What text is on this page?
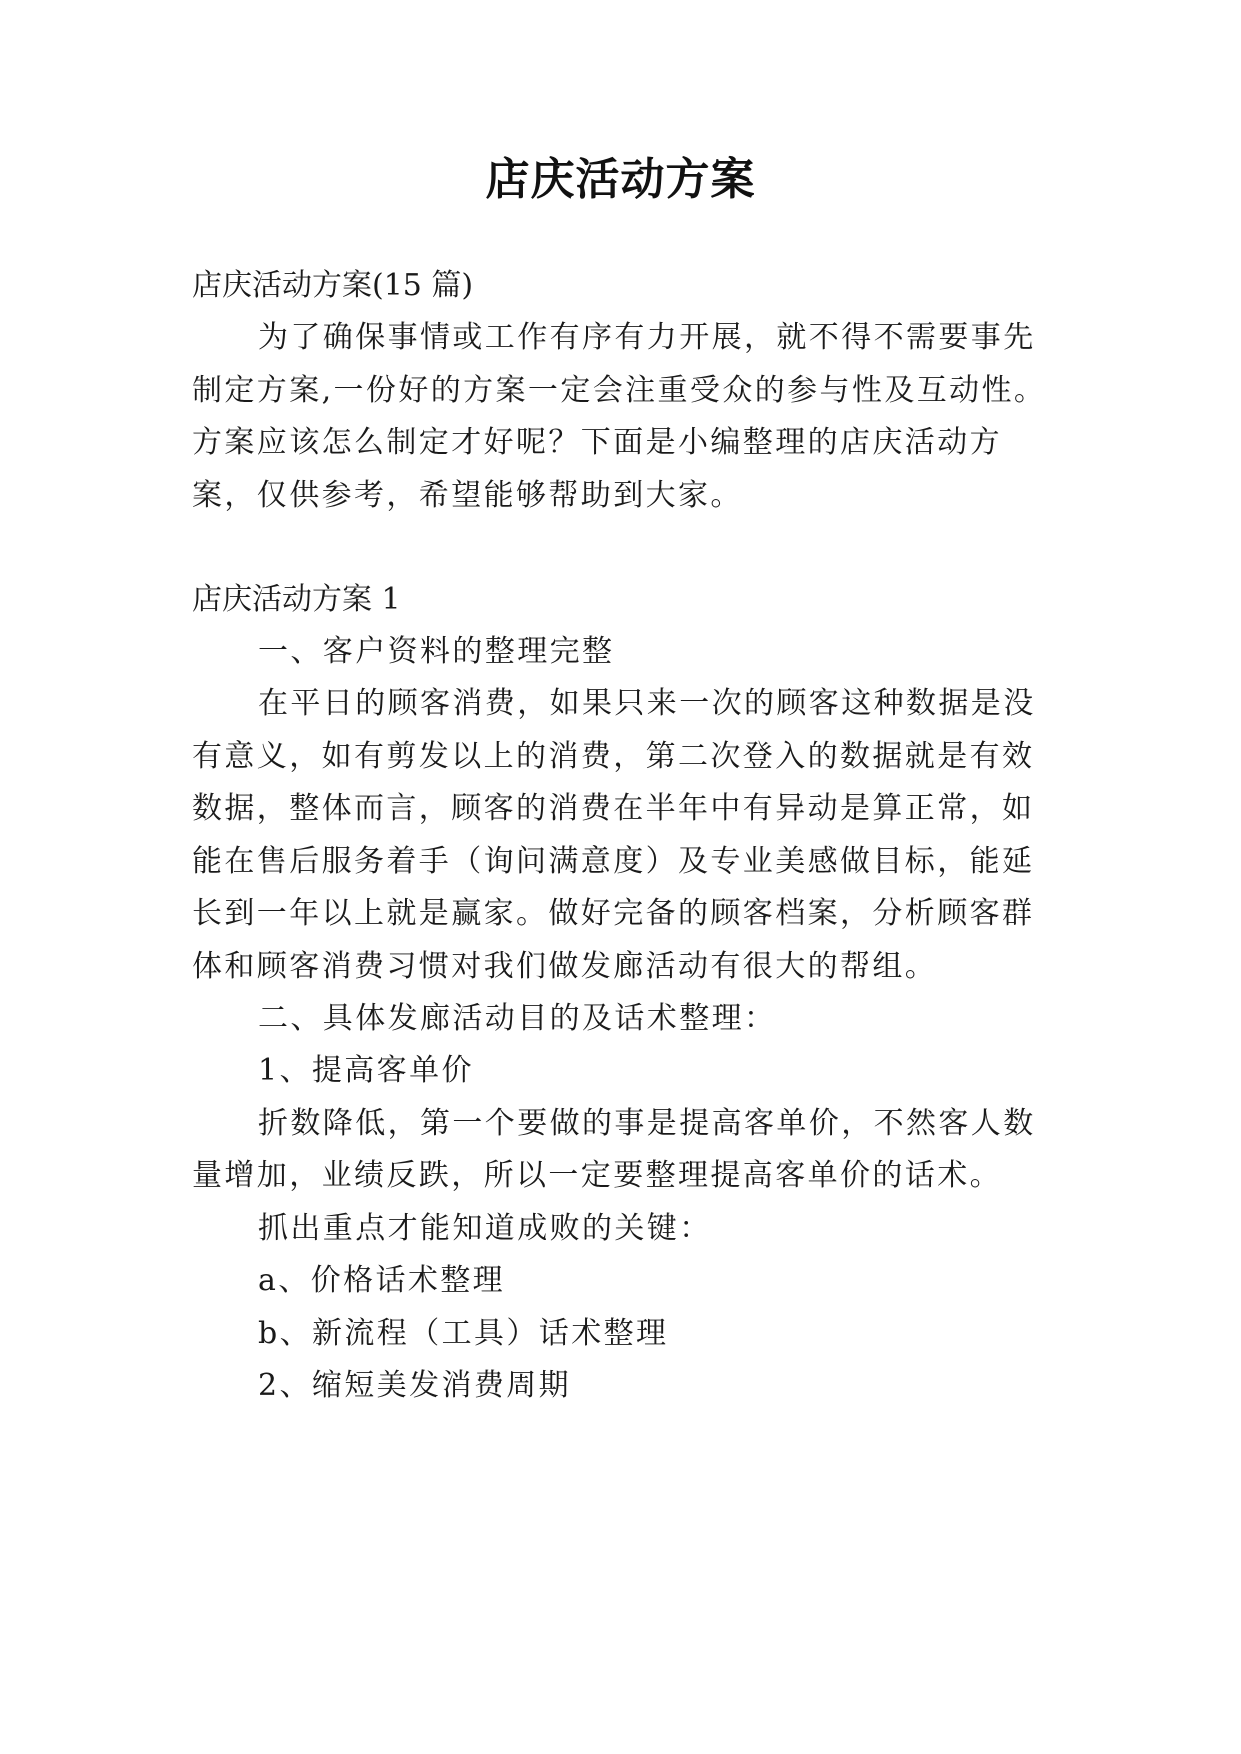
店庆活动方案
店庆活动方案(15 篇)
为了确保事情或工作有序有力开展，就不得不需要事先
制定方案,一份好的方案一定会注重受众的参与性及互动性。
方案应该怎么制定才好呢？下面是小编整理的店庆活动方
案，仅供参考，希望能够帮助到大家。
店庆活动方案 1
一、客户资料的整理完整
在平日的顾客消费，如果只来一次的顾客这种数据是没
有意义，如有剪发以上的消费，第二次登入的数据就是有效
数据，整体而言，顾客的消费在半年中有异动是算正常，如
能在售后服务着手（询问满意度）及专业美感做目标，能延
长到一年以上就是赢家。做好完备的顾客档案，分析顾客群
体和顾客消费习惯对我们做发廊活动有很大的帮组。
二、具体发廊活动目的及话术整理：
1、提高客单价
折数降低，第一个要做的事是提高客单价，不然客人数
量增加，业绩反跌，所以一定要整理提高客单价的话术。
抓出重点才能知道成败的关键：
a、价格话术整理
b、新流程（工具）话术整理
2、缩短美发消费周期
